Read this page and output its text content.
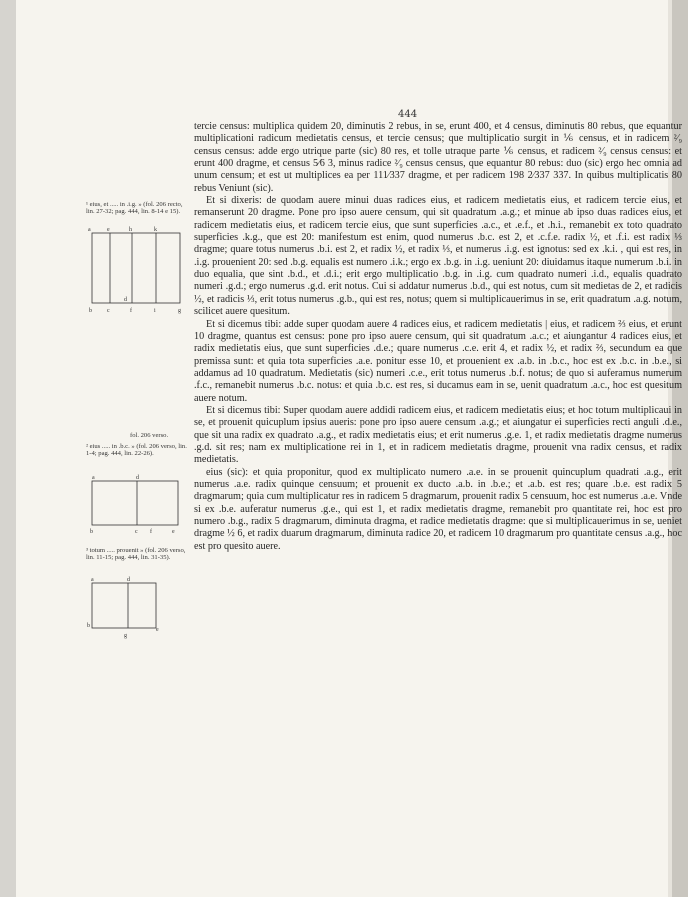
444
¹ eius, et ..... in .i.g. » (fol. 206 recto, lin. 27-32; pag. 444, lin. 8-14 e 15).
a	e	h	k
d
b	c	f	i	g
fol. 206 verso.
² eius ..... in .b.c. » (fol. 206 verso, lin. 1-4; pag. 444, lin. 22-26).
a	d
b	c f	e
³ totum ..... prouenit » (fol. 206 verso, lin. 11-15; pag. 444, lin. 31-35).
a	d
b
g
e

tercie census: multiplica quidem 20, diminutis 2 rebus, in se, erunt 400, et 4 census, diminutis 80 rebus, que equantur multiplicationi radicum medietatis census, et tercie census; que multiplicatio surgit in ⅙ census, et in radicem ²⁄₉ census census: adde ergo utrique parte (sic) 80 res, et tolle utraque parte ⅙ census, et radicem ²⁄₉ census census: et erunt 400 dragme, et census 5⁄6 3, minus radice ²⁄₉ census census, que equantur 80 rebus: duo (sic) ergo hec omnia ad unum censum; et est ut multiplices ea per 111⁄337 dragme, et per radicem 198 2⁄337 337. In quibus multiplicatis 80 rebus Veniunt (sic).

Et si dixeris: de quodam auere minui duas radices eius, et radicem medietatis eius, et radicem tercie eius, et remanserunt 20 dragme. Pone pro ipso auere censum, qui sit quadratum .a.g.; et minue ab ipso duas radices eius, et radicem medietatis eius, et radicem tercie eius, que sunt superficies .a.c., et .e.f., et .h.i., remanebit ex toto quadrato superficies .k.g., que est 20: manifestum est enim, quod numerus .b.c. est 2, et .c.f.e. radix ½, et .f.i. est radix ⅓ dragme; quare totus numerus .b.i. est 2, et radix ½, et radix ⅓, et numerus .i.g. est ignotus: sed ex .k.i. , qui est res, in .i.g. prouenient 20: sed .b.g. equalis est numero .i.k.; ergo ex .b.g. in .i.g. ueniunt 20: diuidamus itaque numerum .b.i. in duo equalia, que sint .b.d., et .d.i.; erit ergo multiplicatio .b.g. in .i.g. cum quadrato numeri .i.d., equalis quadrato numeri .g.d.; ergo numerus .g.d. erit notus. Cui si addatur numerus .b.d., qui est notus, cum sit medietas de 2, et radicis ½, et radicis ⅓, erit totus numerus .g.b., qui est res, notus; quem si multiplicauerimus in se, erit quadratum .a.g. notum, scilicet auere quesitum.

Et si dicemus tibi: adde super quodam auere 4 radices eius, et radicem medietatis | eius, et radicem ⅔ eius, et erunt 10 dragme, quantus est census: pone pro ipso auere censum, qui sit quadratum .a.c.; et aiungantur 4 radices eius, et radix medietatis eius, que sunt superficies .d.e.; quare numerus .c.e. erit 4, et radix ½, et radix ⅔, secundum ea que premissa sunt: et quia tota superficies .a.e. ponitur esse 10, et prouenient ex .a.b. in .b.c., hoc est ex .b.c. in .b.e., si addamus ad 10 quadratum. Medietatis (sic) numeri .c.e., erit totus numerus .b.f. notus; de quo si auferamus numerum .f.c., remanebit numerus .b.c. notus: et quia .b.c. est res, si ducamus eam in se, uenit quadratum .a.c., hoc est quesitum auere notum.

Et si dicemus tibi: Super quodam auere addidi radicem eius, et radicem medietatis eius; et hoc totum multiplicaui in se, et prouenit quicuplum ipsius aueris: pone pro ipso auere censum .a.g.; et aiungatur ei superficies recti anguli .d.e., que sit una radix ex quadrato .a.g., et radix medietatis eius; et erit numerus .g.e. 1, et radix medietatis dragme numerus .g.d. sit res; nam ex multiplicatione rei in 1, et in radicem medietatis dragme, prouenit vna radix census, et radix medietatis.

eius (sic): et quia proponitur, quod ex multiplicato numero .a.e. in se prouenit quincuplum quadrati .a.g., erit numerus .a.e. radix quinque censuum; et prouenit ex ducto .a.b. in .b.e.; et .a.b. est res; quare .b.e. est radix 5 dragmarum; quia cum multiplicatur res in radicem 5 dragmarum, prouenit radix 5 censuum, hoc est numerus .a.e. Vnde si ex .b.e. auferatur numerus .g.e., qui est 1, et radix medietatis dragme, remanebit pro quantitate rei, hoc est pro numero .b.g., radix 5 dragmarum, diminuta dragma, et radice medietatis dragme: que si multiplicauerimus in se, ueniet dragme ½ 6, et radix duarum dragmarum, diminuta radice 20, et radicem 10 dragmarum pro quantitate census .a.g., hoc est pro quesito auere.
